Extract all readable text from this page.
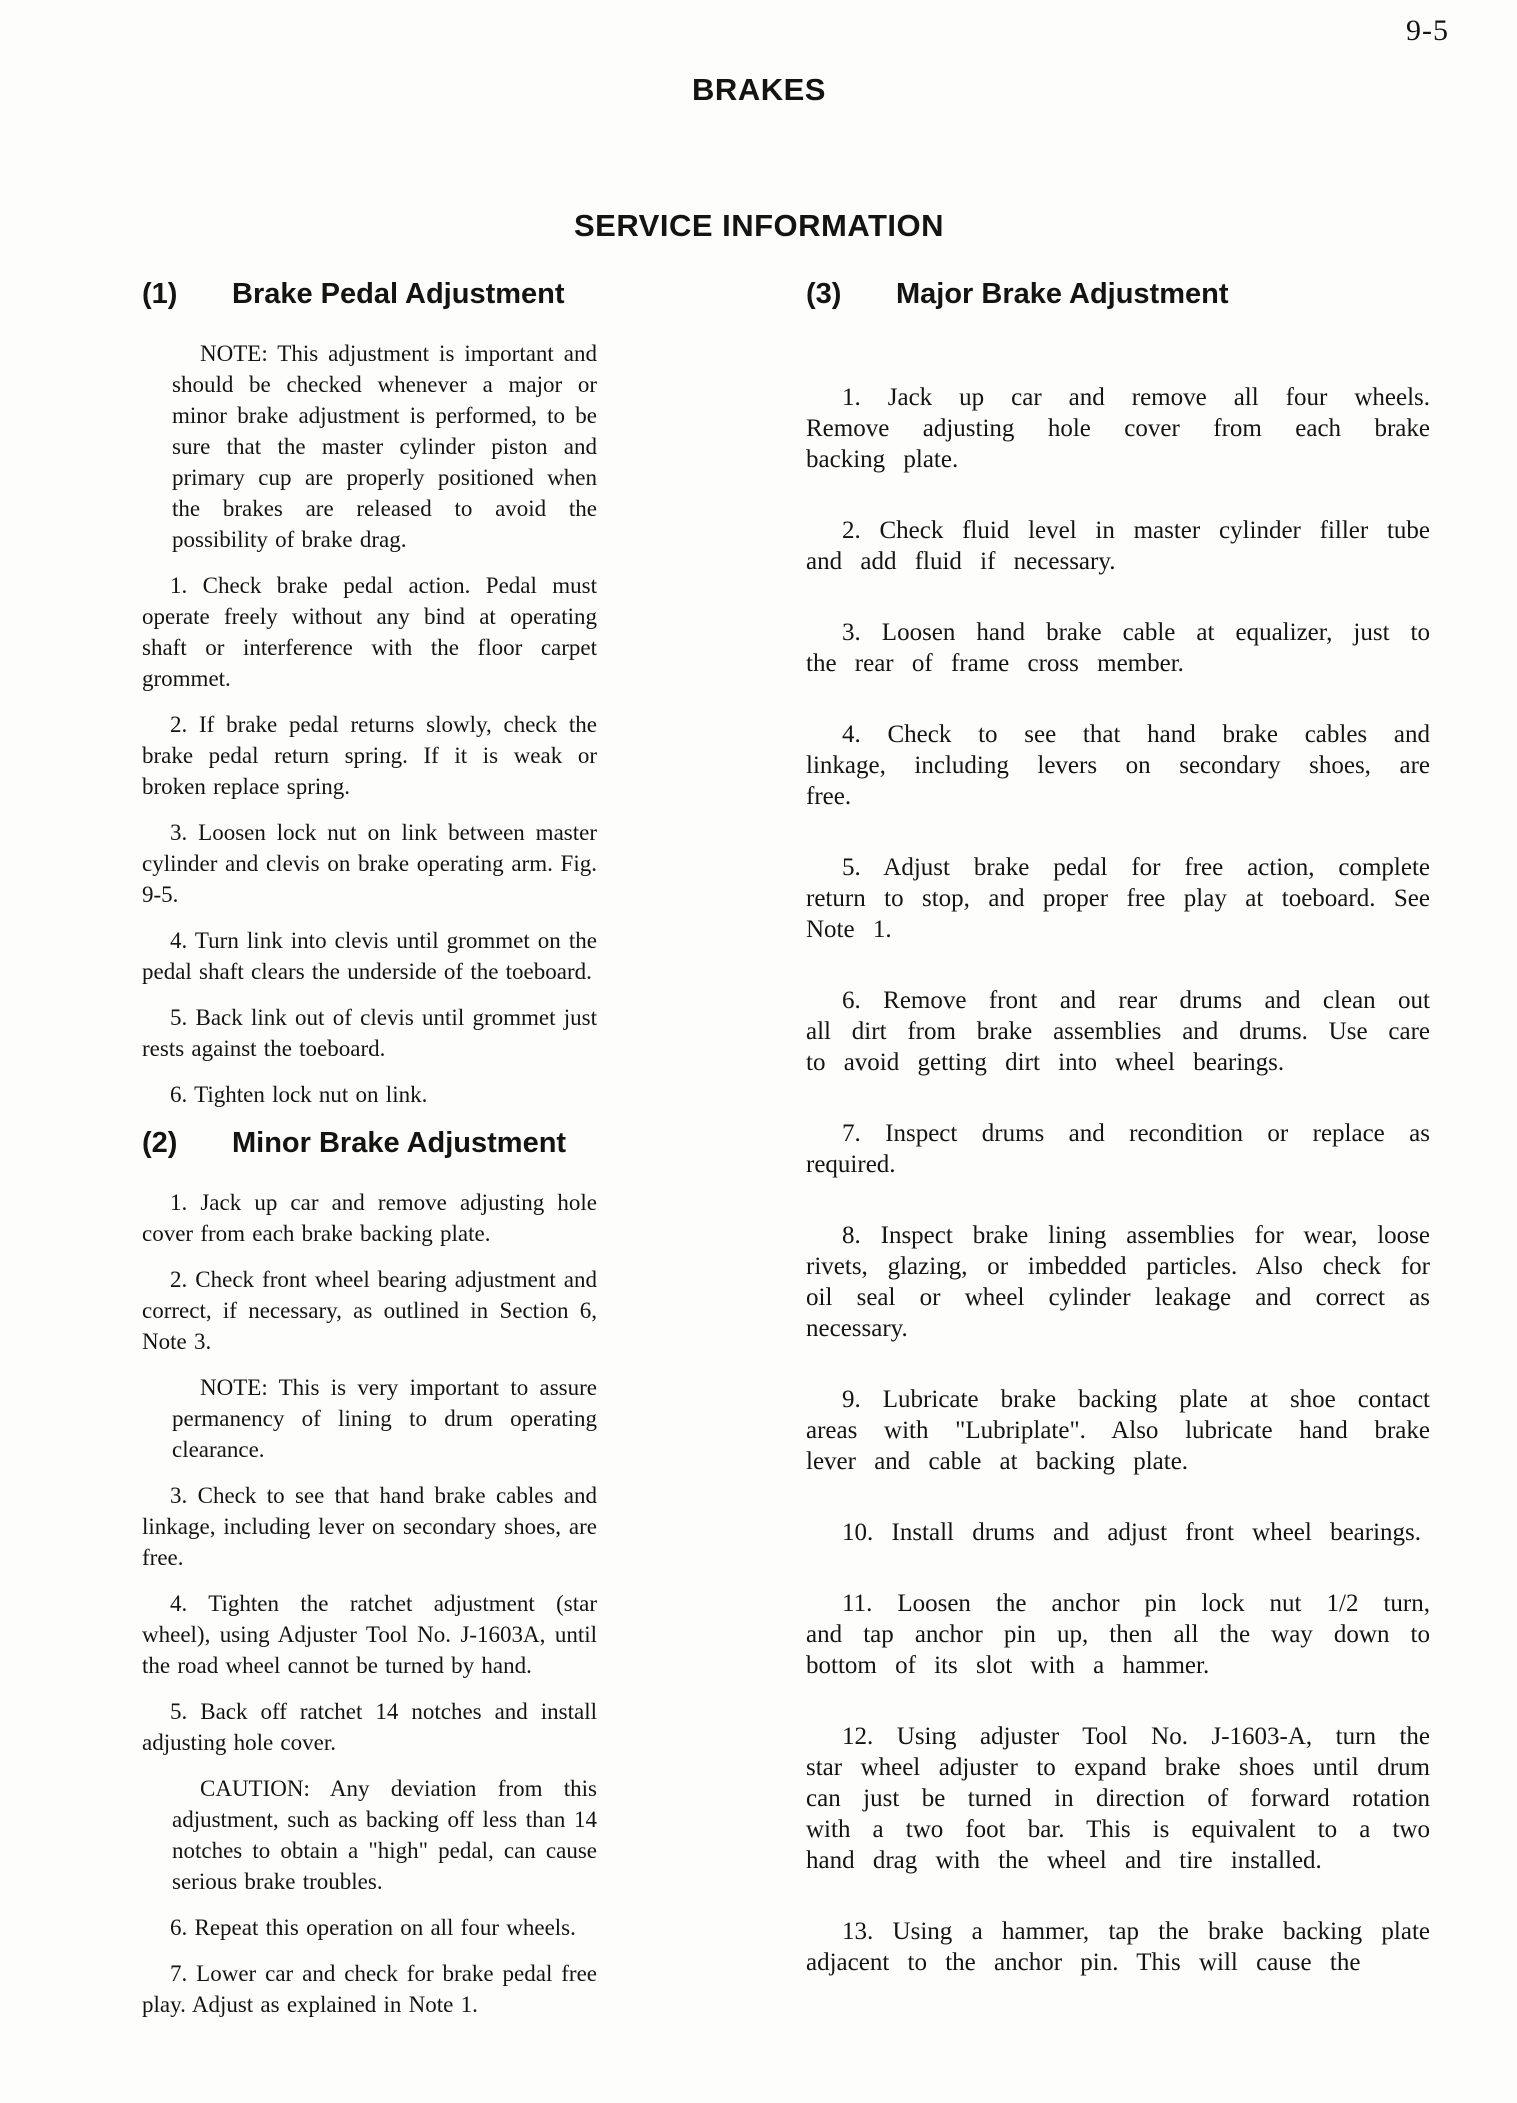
9-5
BRAKES
SERVICE INFORMATION
(1)	Brake Pedal Adjustment

NOTE: This adjustment is important and should be checked whenever a major or minor brake adjustment is performed, to be sure that the master cylinder piston and primary cup are properly positioned when the brakes are released to avoid the possibility of brake drag.

1. Check brake pedal action. Pedal must operate freely without any bind at operating shaft or interference with the floor carpet grommet.

2. If brake pedal returns slowly, check the brake pedal return spring. If it is weak or broken replace spring.

3. Loosen lock nut on link between master cylinder and clevis on brake operating arm. Fig. 9-5.

4. Turn link into clevis until grommet on the pedal shaft clears the underside of the toeboard.

5. Back link out of clevis until grommet just rests against the toeboard.

6. Tighten lock nut on link.

(2)	Minor Brake Adjustment

1. Jack up car and remove adjusting hole cover from each brake backing plate.

2. Check front wheel bearing adjustment and correct, if necessary, as outlined in Section 6, Note 3.

NOTE: This is very important to assure permanency of lining to drum operating clearance.

3. Check to see that hand brake cables and linkage, including lever on secondary shoes, are free.

4. Tighten the ratchet adjustment (star wheel), using Adjuster Tool No. J-1603A, until the road wheel cannot be turned by hand.

5. Back off ratchet 14 notches and install adjusting hole cover.

CAUTION: Any deviation from this adjustment, such as backing off less than 14 notches to obtain a "high" pedal, can cause serious brake troubles.

6. Repeat this operation on all four wheels.

7. Lower car and check for brake pedal free play. Adjust as explained in Note 1.

(3)	Major Brake Adjustment

1. Jack up car and remove all four wheels. Remove adjusting hole cover from each brake backing plate.

2. Check fluid level in master cylinder filler tube and add fluid if necessary.

3. Loosen hand brake cable at equalizer, just to the rear of frame cross member.

4. Check to see that hand brake cables and linkage, including levers on secondary shoes, are free.

5. Adjust brake pedal for free action, complete return to stop, and proper free play at toeboard. See Note 1.

6. Remove front and rear drums and clean out all dirt from brake assemblies and drums. Use care to avoid getting dirt into wheel bearings.

7. Inspect drums and recondition or replace as required.

8. Inspect brake lining assemblies for wear, loose rivets, glazing, or imbedded particles. Also check for oil seal or wheel cylinder leakage and correct as necessary.

9. Lubricate brake backing plate at shoe contact areas with "Lubriplate". Also lubricate hand brake lever and cable at backing plate.

10. Install drums and adjust front wheel bearings.

11. Loosen the anchor pin lock nut 1/2 turn, and tap anchor pin up, then all the way down to bottom of its slot with a hammer.

12. Using adjuster Tool No. J-1603-A, turn the star wheel adjuster to expand brake shoes until drum can just be turned in direction of forward rotation with a two foot bar. This is equivalent to a two hand drag with the wheel and tire installed.

13. Using a hammer, tap the brake backing plate adjacent to the anchor pin. This will cause the
